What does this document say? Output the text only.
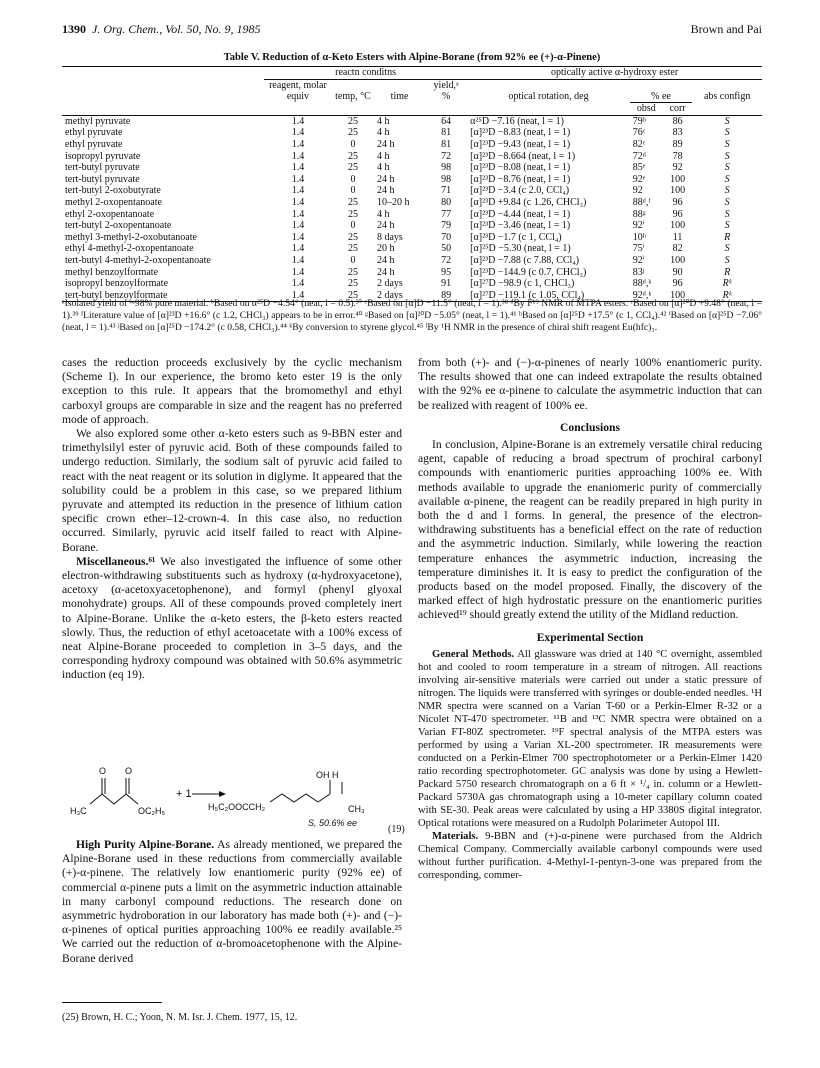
1390 J. Org. Chem., Vol. 50, No. 9, 1985	Brown and Pai
Table V. Reduction of α-Keto Esters with Alpine-Borane (from 92% ee (+)-α-Pinene)
	reactn conditns				optically active α-hydroxy ester			
	reagent, molar equiv	temp, °C	time	yield,ᵃ %	optical rotation, deg	% ee		abs confign
						obsd	corr	
methyl pyruvate	1.4	25	4 h	64	α²⁵D −7.16 (neat, l = 1)	79ᵇ	86	S
ethyl pyruvate	1.4	25	4 h	81	[α]²³D −8.83 (neat, l = 1)	76ᶜ	83	S
ethyl pyruvate	1.4	0	24 h	81	[α]²³D −9.43 (neat, l = 1)	82ᶜ	89	S
isopropyl pyruvate	1.4	25	4 h	72	[α]²³D −8.664 (neat, l = 1)	72ᵈ	78	S
tert-butyl pyruvate	1.4	25	4 h	98	[α]²³D −8.08 (neat, l = 1)	85ᵉ	92	S
tert-butyl pyruvate	1.4	0	24 h	98	[α]²³D −8.76 (neat, l = 1)	92ᵉ	100	S
tert-butyl 2-oxobutyrate	1.4	0	24 h	71	[α]²³D −3.4 (c 2.0, CCl₄)	92	100	S
methyl 2-oxopentanoate	1.4	25	10–20 h	80	[α]²³D +9.84 (c 1.26, CHCl₃)	88ᵈ,ᶠ	96	S
ethyl 2-oxopentanoate	1.4	25	4 h	77	[α]²³D −4.44 (neat, l = 1)	88ᵍ	96	S
tert-butyl 2-oxopentanoate	1.4	0	24 h	79	[α]²³D −3.46 (neat, l = 1)	92ⁱ	100	S
methyl 3-methyl-2-oxobutanoate	1.4	25	8 days	70	[α]²³D −1.7 (c 1, CCl₄)	10ʰ	11	R
ethyl 4-methyl-2-oxopentanoate	1.4	25	20 h	50	[α]²⁵D −5.30 (neat, l = 1)	75ⁱ	82	S
tert-butyl 4-methyl-2-oxopentanoate	1.4	0	24 h	72	[α]²³D −7.88 (c 7.88, CCl₄)	92ⁱ	100	S
methyl benzoylformate	1.4	25	24 h	95	[α]²³D −144.9 (c 0.7, CHCl₃)	83ʲ	90	R
isopropyl benzoylformate	1.4	25	2 days	91	[α]²⁷D −98.9 (c 1, CHCl₃)	88ᵈ,ᵏ	96	Rᵏ
tert-butyl benzoylformate	1.4	25	2 days	89	[α]²⁷D −119.1 (c 1.05, CCl₄)	92ᵈ,ᵏ	100	Rᵏ
ᵃIsolated yield of ~98% pure material. ᵇBased on α²⁵D −4.54° (neat, l = 0.5).³⁷ ᶜBased on [α]D −11.5° (neat, l = 1).³⁸ ᵈBy F¹⁹ NMR of MTPA esters. ᵉBased on [α]²⁰D +9.48° (neat, l = 1).³⁹ ᶠLiterature value of [α]²³D +16.6° (c 1.2, CHCl₃) appears to be in error.⁴⁰ ᵍBased on [α]²⁰D −5.05° (neat, l = 1).⁴¹ ʰBased on [α]²⁵D +17.5° (c 1, CCl₄).⁴² ⁱBased on [α]²⁵D −7.06° (neat, l = 1).⁴³ ʲBased on [α]²⁵D −174.2° (c 0.58, CHCl₃).⁴⁴ ᵏBy conversion to styrene glycol.⁴⁵ ˡBy ¹H NMR in the presence of chiral shift reagent Eu(hfc)₃.

cases the reduction proceeds exclusively by the cyclic mechanism (Scheme I). In our experience, the bromo keto ester 19 is the only exception to this rule. It appears that the bromomethyl and ethyl carboxyl groups are comparable in size and the reagent has no preferred mode of approach.

We also explored some other α-keto esters such as 9-BBN ester and trimethylsilyl ester of pyruvic acid. Both of these compounds failed to undergo reduction. Similarly, the sodium salt of pyruvic acid failed to react with the neat reagent or its solution in diglyme. It appeared that the solubility could be a problem in this case, so we prepared lithium pyruvate and attempted its reduction in the presence of lithium cation specific crown ether–12-crown-4. In this case also, no reduction occurred. Similarly, pyruvic acid itself failed to react with Alpine-Borane.

Miscellaneous.⁶¹ We also investigated the influence of some other electron-withdrawing substituents such as hydroxy (α-hydroxyacetone), acetoxy (α-acetoxyacetophenone), and formyl (phenyl glyoxal monohydrate) groups. All of these compounds proved completely inert to Alpine-Borane. Unlike the α-keto esters, the β-keto esters reacted slowly. Thus, the reduction of ethyl acetoacetate with a 100% excess of neat Alpine-Borane proceeded to completion in 3–5 days, and the corresponding hydroxy compound was obtained with 50.6% asymmetric induction (eq 19).

O O
H₃C	OC₂H₅
+ 1
OH H
H₅C₂OOCCH₂	CH₃
S, 50.6% ee
(19)

High Purity Alpine-Borane. As already mentioned, we prepared the Alpine-Borane used in these reductions from commercially available (+)-α-pinene. The relatively low enantiomeric purity (92% ee) of commercial α-pinene puts a limit on the asymmetric induction attainable in many carbonyl compound reductions. The research done on asymmetric hydroboration in our laboratory has made both (+)- and (−)-α-pinenes of optical purities approaching 100% ee readily available.²⁵ We carried out the reduction of α-bromoacetophenone with the Alpine-Borane derived

(25) Brown, H. C.; Yoon, N. M. Isr. J. Chem. 1977, 15, 12.

from both (+)- and (−)-α-pinenes of nearly 100% enantiomeric purity. The results showed that one can indeed extrapolate the results obtained with the 92% ee α-pinene to calculate the asymmetric induction that can be realized with reagent of 100% ee.

Conclusions

In conclusion, Alpine-Borane is an extremely versatile chiral reducing agent, capable of reducing a broad spectrum of prochiral carbonyl compounds with enantiomeric purities approaching 100% ee. With methods available to upgrade the enaniomeric purity of commercially available α-pinene, the reagent can be readily prepared in high purity in both the d and l forms. In general, the presence of the electron-withdrawing substituents has a beneficial effect on the rate of reduction and the asymmetric induction. Similarly, while lowering the reaction temperature enhances the asymmetric induction, increasing the temperature diminishes it. It is easy to predict the configuration of the products based on the model proposed. Finally, the discovery of the marked effect of high hydrostatic pressure on the enantiomeric purities achieved¹⁹ should greatly extend the utility of the Midland reduction.

Experimental Section

General Methods. All glassware was dried at 140 °C overnight, assembled hot and cooled to room temperature in a stream of nitrogen. All reactions involving air-sensitive materials were carried out under a static pressure of nitrogen. The liquids were transferred with syringes or double-ended needles. ¹H NMR spectra were scanned on a Varian T-60 or a Perkin-Elmer R-32 or a Nicolet NT-470 spectrometer. ¹¹B and ¹³C NMR spectra were obtained on a Varian FT-80Z spectrometer. ¹⁹F spectral analysis of the MTPA esters was performed by using a Varian XL-200 spectrometer. IR measurements were conducted on a Perkin-Elmer 700 spectrophotometer or a Perkin-Elmer 1420 ratio recording spectrophotometer. GC analysis was done by using a Hewlett-Packard 5750 research chromatograph on a 6 ft × ¹/₄ in. column or a Hewlett-Packard 5730A gas chromatograph using a 10-meter capillary column coated with SE-30. Peak areas were calculated by using a HP 3380S digital integrator. Optical rotations were measured on a Rudolph Polarimeter Autopol III.

Materials. 9-BBN and (+)-α-pinene were purchased from the Aldrich Chemical Company. Commercially available carbonyl compounds were used without further purification. 4-Methyl-1-pentyn-3-one was prepared from the corresponding, commer-
